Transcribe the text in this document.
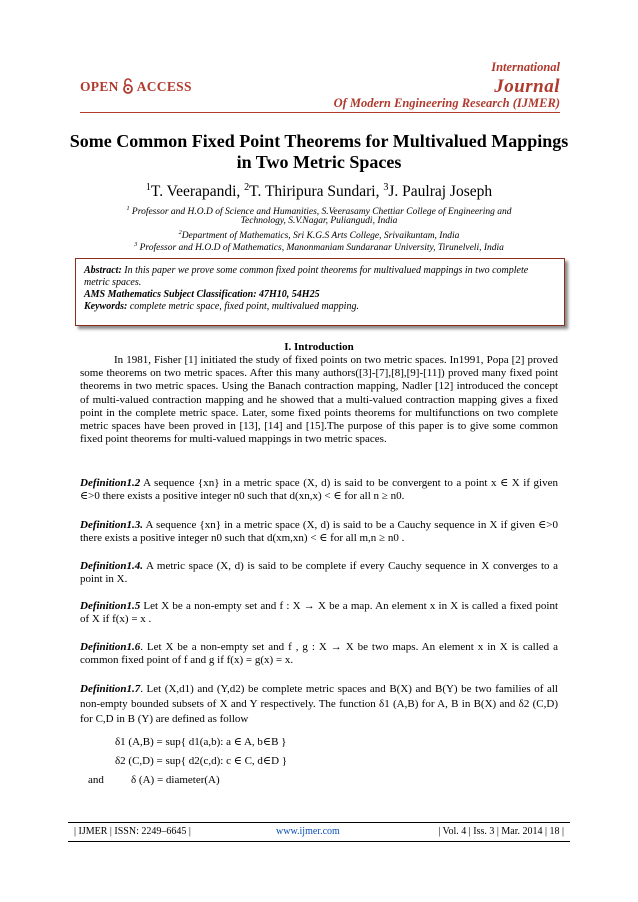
OPEN ACCESS
International
Journal
Of Modern Engineering Research (IJMER)
Some Common Fixed Point Theorems for Multivalued Mappings
in Two Metric Spaces
$^1$T. Veerapandi, $^2$T. Thiripura Sundari, $^3$J. Paulraj Joseph
$^1$ Professor and H.O.D of Science and Humanities, S.Veerasamy Chettiar College of Engineering and
Technology, S.V.Nagar, Puliangudi, India
$^2$Department of Mathematics, Sri K.G.S Arts College, Srivaikuntam, India
$^3$ Professor and H.O.D of Mathematics, Manonmaniam Sundaranar University, Tirunelveli, India
Abstract: In this paper we prove some common fixed point theorems for multivalued mappings in two complete metric spaces.
AMS Mathematics Subject Classification: 47H10, 54H25
Keywords: complete metric space, fixed point, multivalued mapping.
I. Introduction
In 1981, Fisher [1] initiated the study of fixed points on two metric spaces. In1991, Popa [2] proved some theorems on two metric spaces. After this many authors([3]-[7],[8],[9]-[11]) proved many fixed point theorems in two metric spaces. Using the Banach contraction mapping, Nadler [12] introduced the concept of multi-valued contraction mapping and he showed that a multi-valued contraction mapping gives a fixed point in the complete metric space. Later, some fixed points theorems for multifunctions on two complete metric spaces have been proved in [13], [14] and [15].The purpose of this paper is to give some common fixed point theorems for multi-valued mappings in two metric spaces.
Definition1.2 A sequence {xn} in a metric space (X, d) is said to be convergent to a point x ∈ X if given ∈>0 there exists a positive integer n0 such that d(xn,x) < ∈ for all n ≥ n0.
Definition1.3. A sequence {xn} in a metric space (X, d) is said to be a Cauchy sequence in X if given ∈>0 there exists a positive integer n0 such that d(xm,xn) < ∈ for all m,n ≥ n0 .
Definition1.4. A metric space (X, d) is said to be complete if every Cauchy sequence in X converges to a point in X.
Definition1.5 Let X be a non-empty set and f : X → X be a map. An element x in X is called a fixed point of X if f(x) = x .
Definition1.6. Let X be a non-empty set and f , g : X → X be two maps. An element x in X is called a common fixed point of f and g if f(x) = g(x) = x.
Definition1.7. Let (X,d1) and (Y,d2) be complete metric spaces and B(X) and B(Y) be two families of all non-empty bounded subsets of X and Y respectively. The function δ1 (A,B) for A, B in B(X) and δ2 (C,D) for C,D in B (Y) are defined as follow
δ1 (A,B) = sup{ d1(a,b): a ∈ A, b∈B }
δ2 (C,D) = sup{ d2(c,d): c ∈ C, d∈D }
and δ (A) = diameter(A)
| IJMER | ISSN: 2249–6645 |	www.ijmer.com	| Vol. 4 | Iss. 3 | Mar. 2014 | 18 |
